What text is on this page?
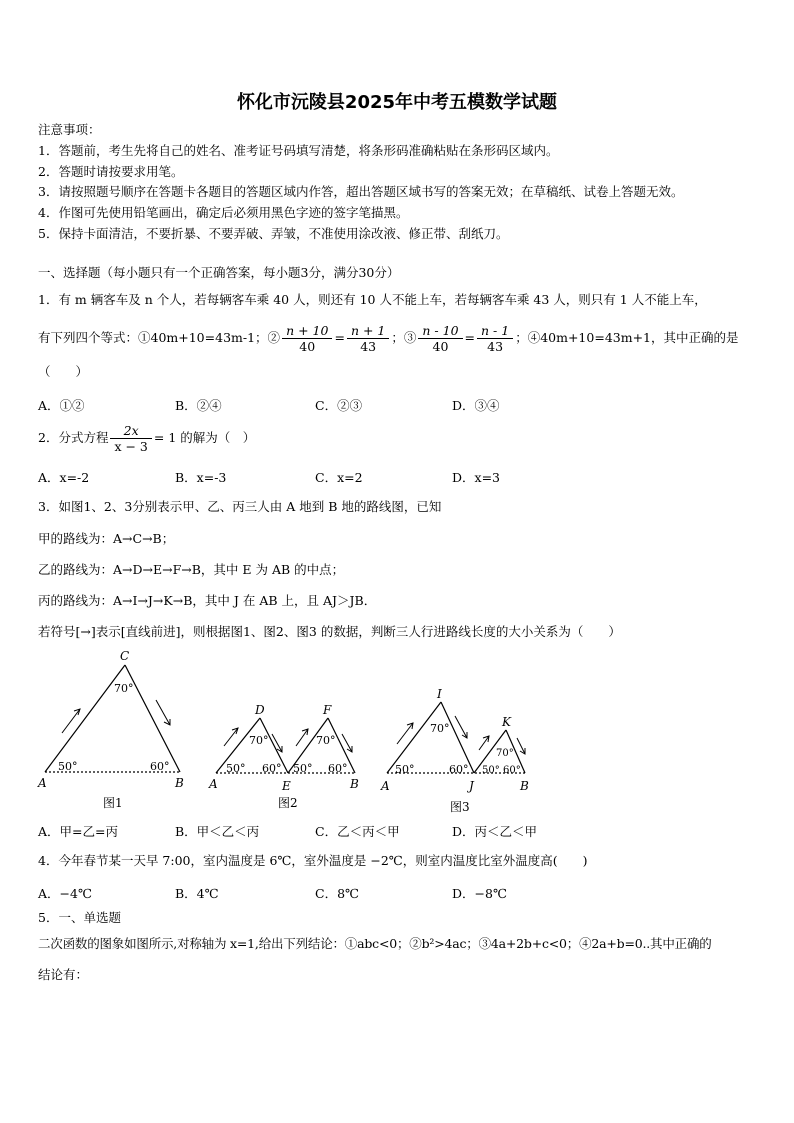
怀化市沅陵县2025年中考五模数学试题
注意事项：
1．答题前，考生先将自己的姓名、准考证号码填写清楚，将条形码准确粘贴在条形码区域内。
2．答题时请按要求用笔。
3．请按照题号顺序在答题卡各题目的答题区域内作答，超出答题区域书写的答案无效；在草稿纸、试卷上答题无效。
4．作图可先使用铅笔画出，确定后必须用黑色字迹的签字笔描黑。
5．保持卡面清洁，不要折暴、不要弄破、弄皱，不准使用涂改液、修正带、刮纸刀。
一、选择题（每小题只有一个正确答案，每小题3分，满分30分）
1．有 m 辆客车及 n 个人，若每辆客车乘 40 人，则还有 10 人不能上车，若每辆客车乘 43 人，则只有 1 人不能上车，
有下列四个等式：①40m+10=43m-1；② $\frac{n + 10}{40} = \frac{n + 1}{43}$ ；③ $\frac{n - 10}{40} = \frac{n - 1}{43}$ ；④40m+10=43m+1，其中正确的是
（　　）
A．①②	B．②④	C．②③	D．③④
2．分式方程 $\frac{2x}{x - 3} = 1$ 的解为（　）
A．x=-2	B．x=-3	C．x=2	D．x=3
3．如图1、2、3分别表示甲、乙、丙三人由 A 地到 B 地的路线图，已知
甲的路线为：A→C→B；
乙的路线为：A→D→E→F→B，其中 E 为 AB 的中点；
丙的路线为：A→I→J→K→B，其中 J 在 AB 上，且 AJ＞JB．
若符号[→]表示[直线前进]，则根据图1、图2、图3 的数据，判断三人行进路线长度的大小关系为（　　）
C
70°
50°	60°
A	B
图1
D	F
70°	70°
50° 60° 50° 60°
A	E	B
图2
I
K
70°
70°
50°	60° 50° 60°
A	J	B
图3
A．甲=乙=丙	B．甲＜乙＜丙	C．乙＜丙＜甲	D．丙＜乙＜甲
4．今年春节某一天早 7:00，室内温度是 6℃，室外温度是 −2℃，则室内温度比室外温度高(　　)
A．−4℃	B．4℃	C．8℃	D．−8℃
5．一、单选题
二次函数的图象如图所示,对称轴为 x=1,给出下列结论：①abc<0；②b²>4ac；③4a+2b+c<0；④2a+b=0..其中正确的
结论有：
